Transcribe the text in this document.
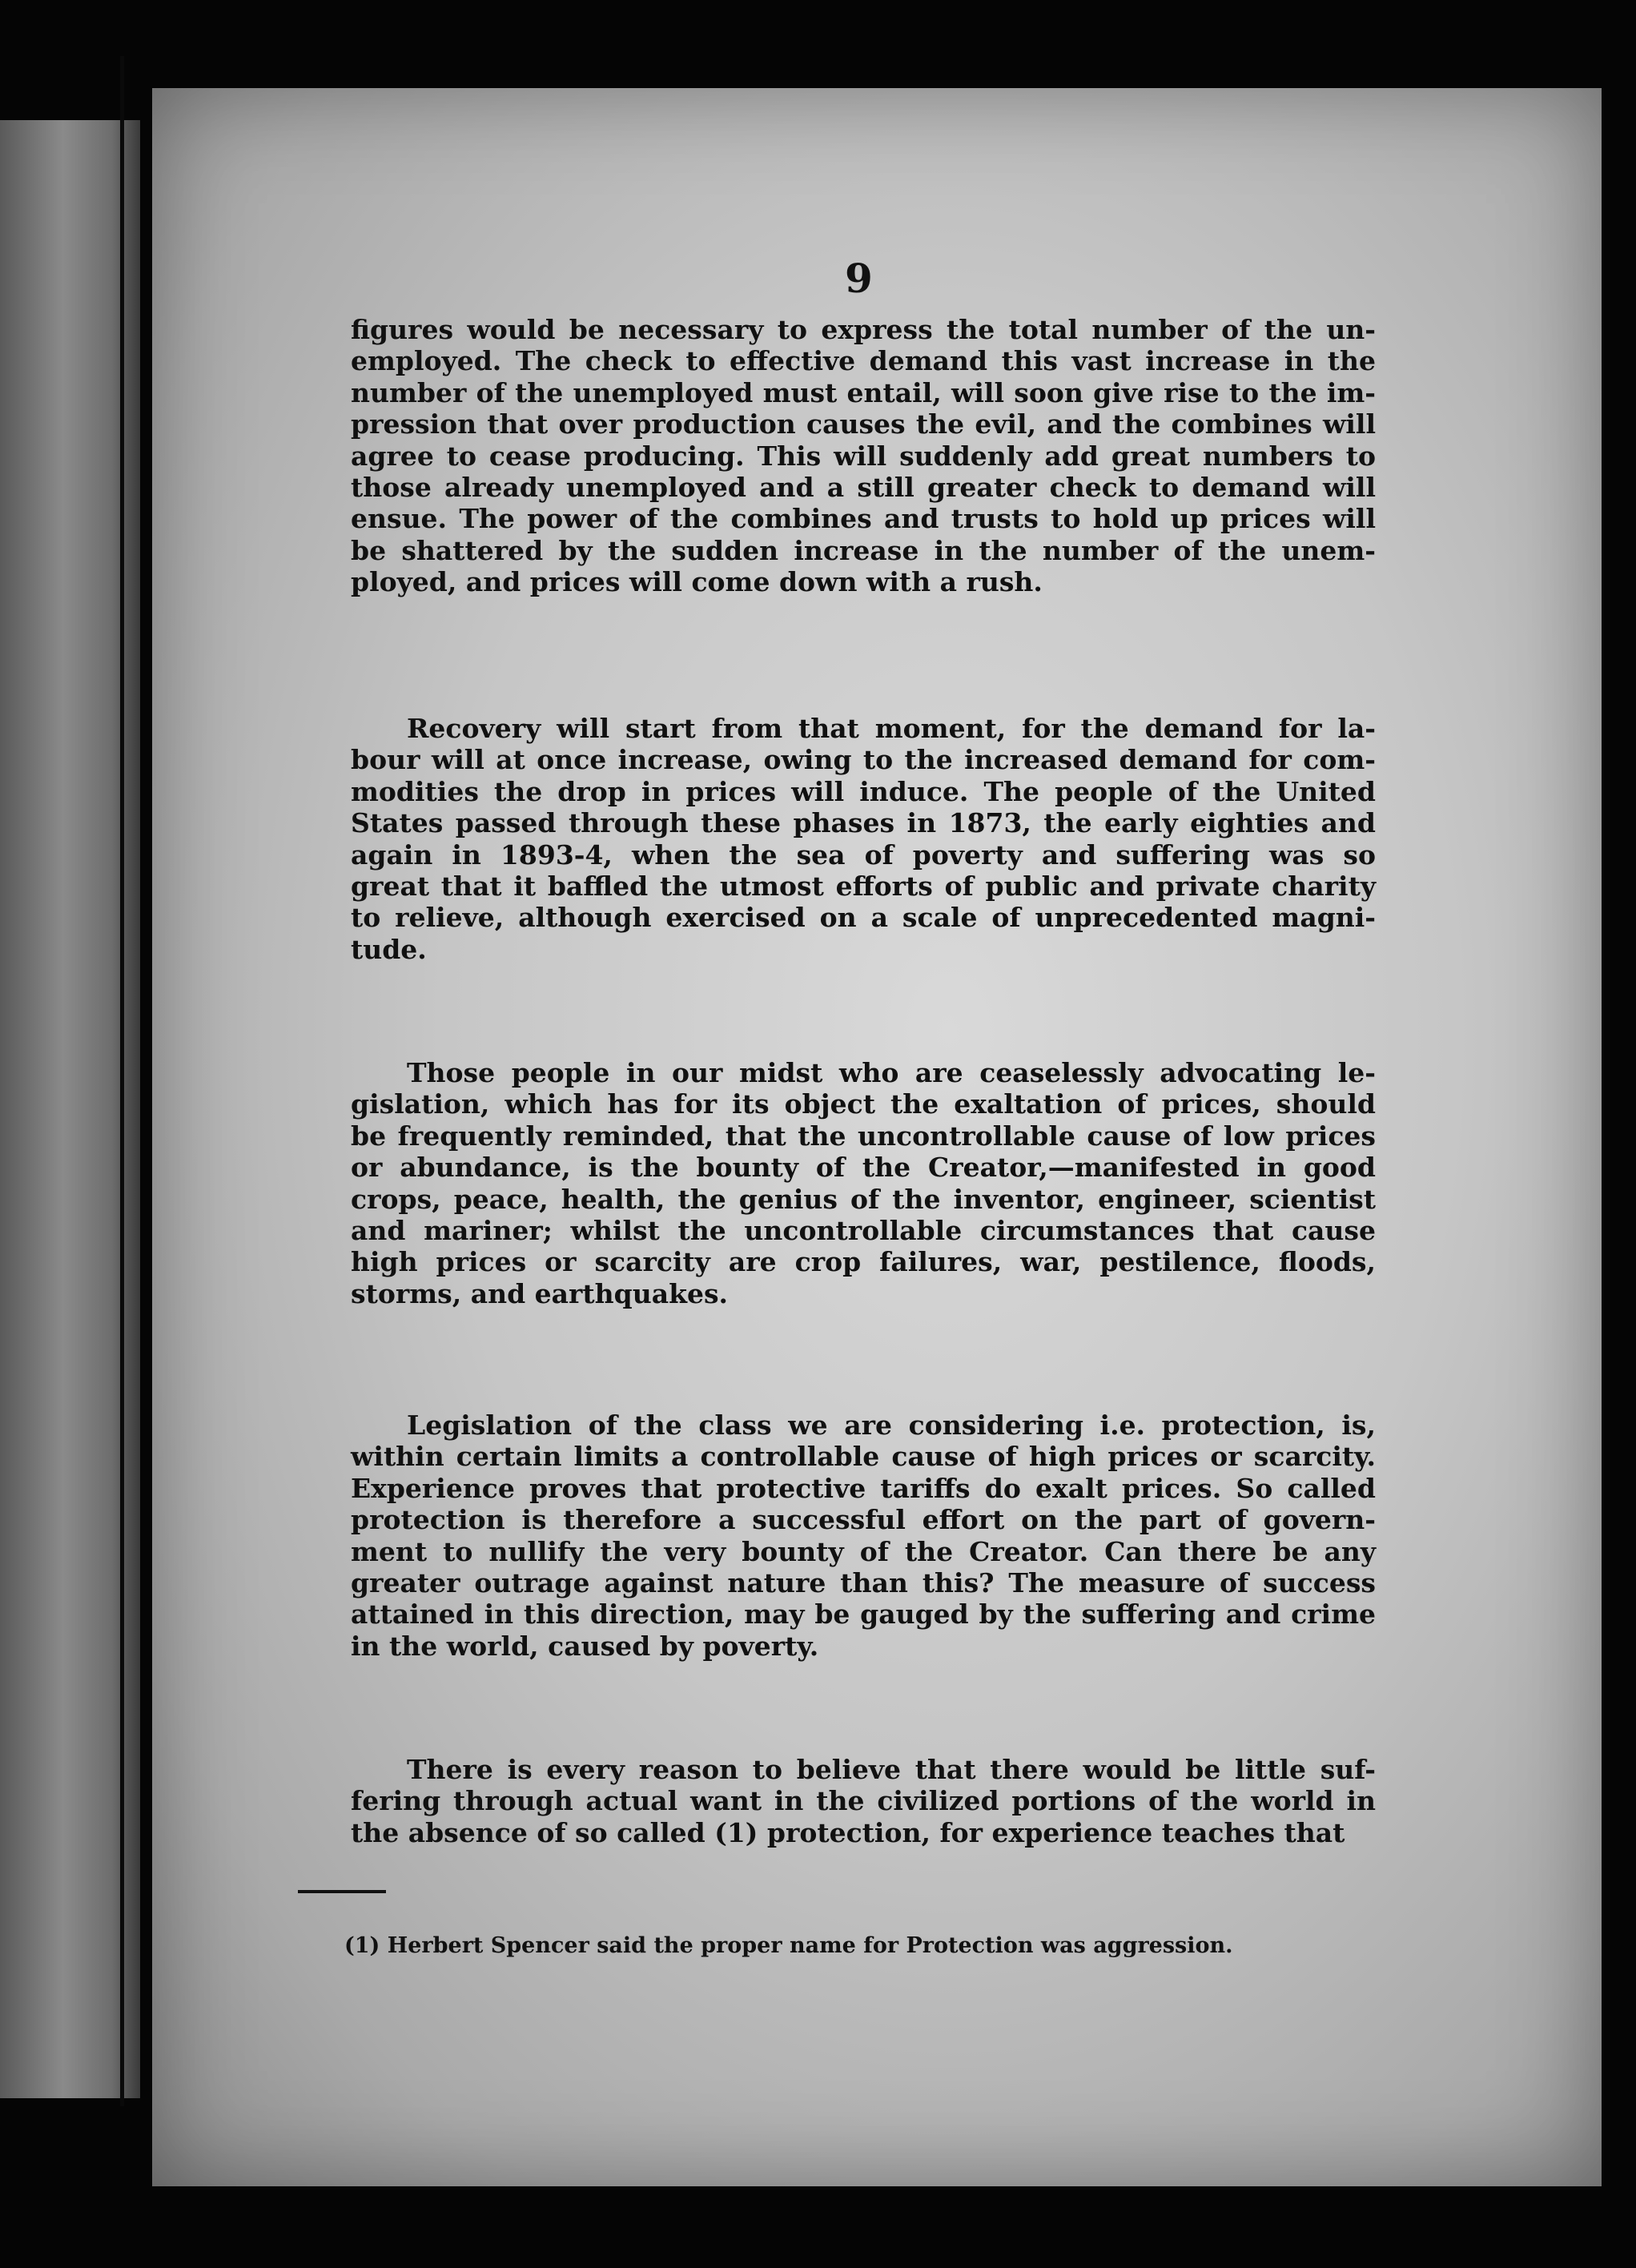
9
figures would be necessary to express the total number of the un-
employed. The check to effective demand this vast increase in the
number of the unemployed must entail, will soon give rise to the im-
pression that over production causes the evil, and the combines will
agree to cease producing. This will suddenly add great numbers to
those already unemployed and a still greater check to demand will
ensue. The power of the combines and trusts to hold up prices will
be shattered by the sudden increase in the number of the unem-
ployed, and prices will come down with a rush.
Recovery will start from that moment, for the demand for la-
bour will at once increase, owing to the increased demand for com-
modities the drop in prices will induce. The people of the United
States passed through these phases in 1873, the early eighties and
again in 1893-4, when the sea of poverty and suffering was so
great that it baffled the utmost efforts of public and private charity
to relieve, although exercised on a scale of unprecedented magni-
tude.
Those people in our midst who are ceaselessly advocating le-
gislation, which has for its object the exaltation of prices, should
be frequently reminded, that the uncontrollable cause of low prices
or abundance, is the bounty of the Creator,—manifested in good
crops, peace, health, the genius of the inventor, engineer, scientist
and mariner; whilst the uncontrollable circumstances that cause
high prices or scarcity are crop failures, war, pestilence, floods,
storms, and earthquakes.
Legislation of the class we are considering i.e. protection, is,
within certain limits a controllable cause of high prices or scarcity.
Experience proves that protective tariffs do exalt prices. So called
protection is therefore a successful effort on the part of govern-
ment to nullify the very bounty of the Creator. Can there be any
greater outrage against nature than this? The measure of success
attained in this direction, may be gauged by the suffering and crime
in the world, caused by poverty.
There is every reason to believe that there would be little suf-
fering through actual want in the civilized portions of the world in
the absence of so called (1) protection, for experience teaches that
(1) Herbert Spencer said the proper name for Protection was aggression.
